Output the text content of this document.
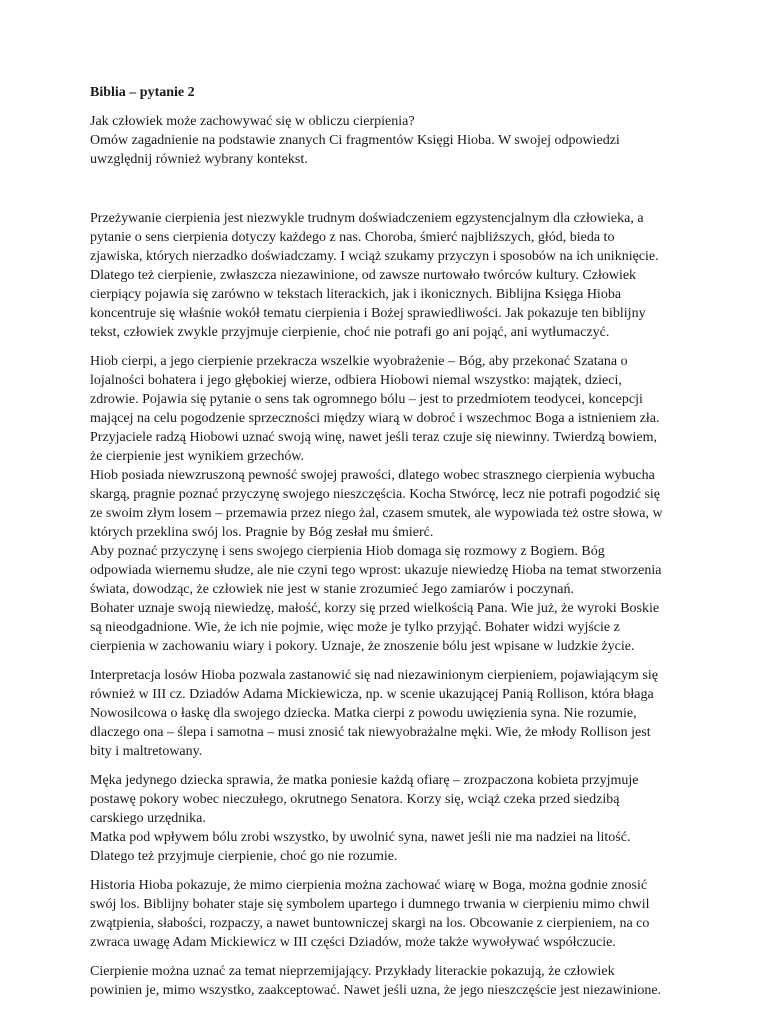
Biblia – pytanie 2
Jak człowiek może zachowywać się w obliczu cierpienia?
Omów zagadnienie na podstawie znanych Ci fragmentów Księgi Hioba. W swojej odpowiedzi
uwzględnij również wybrany kontekst.
Przeżywanie cierpienia jest niezwykle trudnym doświadczeniem egzystencjalnym dla człowieka, a
pytanie o sens cierpienia dotyczy każdego z nas. Choroba, śmierć najbliższych, głód, bieda to
zjawiska, których nierzadko doświadczamy. I wciąż szukamy przyczyn i sposobów na ich uniknięcie.
Dlatego też cierpienie, zwłaszcza niezawinione, od zawsze nurtowało twórców kultury. Człowiek
cierpiący pojawia się zarówno w tekstach literackich, jak i ikonicznych. Biblijna Księga Hioba
koncentruje się właśnie wokół tematu cierpienia i Bożej sprawiedliwości. Jak pokazuje ten biblijny
tekst, człowiek zwykle przyjmuje cierpienie, choć nie potrafi go ani pojąć, ani wytłumaczyć.
Hiob cierpi, a jego cierpienie przekracza wszelkie wyobrażenie – Bóg, aby przekonać Szatana o
lojalności bohatera i jego głębokiej wierze, odbiera Hiobowi niemal wszystko: majątek, dzieci,
zdrowie. Pojawia się pytanie o sens tak ogromnego bólu – jest to przedmiotem teodycei, koncepcji
mającej na celu pogodzenie sprzeczności między wiarą w dobroć i wszechmoc Boga a istnieniem zła.
Przyjaciele radzą Hiobowi uznać swoją winę, nawet jeśli teraz czuje się niewinny. Twierdzą bowiem,
że cierpienie jest wynikiem grzechów.
Hiob posiada niewzruszoną pewność swojej prawości, dlatego wobec strasznego cierpienia wybucha
skargą, pragnie poznać przyczynę swojego nieszczęścia. Kocha Stwórcę, lecz nie potrafi pogodzić się
ze swoim złym losem – przemawia przez niego żal, czasem smutek, ale wypowiada też ostre słowa, w
których przeklina swój los. Pragnie by Bóg zesłał mu śmierć.
Aby poznać przyczynę i sens swojego cierpienia Hiob domaga się rozmowy z Bogiem. Bóg
odpowiada wiernemu słudze, ale nie czyni tego wprost: ukazuje niewiedzę Hioba na temat stworzenia
świata, dowodząc, że człowiek nie jest w stanie zrozumieć Jego zamiarów i poczynań.
Bohater uznaje swoją niewiedzę, małość, korzy się przed wielkością Pana. Wie już, że wyroki Boskie
są nieodgadnione. Wie, że ich nie pojmie, więc może je tylko przyjąć. Bohater widzi wyjście z
cierpienia w zachowaniu wiary i pokory. Uznaje, że znoszenie bólu jest wpisane w ludzkie życie.
Interpretacja losów Hioba pozwala zastanowić się nad niezawinionym cierpieniem, pojawiającym się
również w III cz. Dziadów Adama Mickiewicza, np. w scenie ukazującej Panią Rollison, która błaga
Nowosilcowa o łaskę dla swojego dziecka. Matka cierpi z powodu uwięzienia syna. Nie rozumie,
dlaczego ona – ślepa i samotna – musi znosić tak niewyobrażalne męki. Wie, że młody Rollison jest
bity i maltretowany.
Męka jedynego dziecka sprawia, że matka poniesie każdą ofiarę – zrozpaczona kobieta przyjmuje
postawę pokory wobec nieczułego, okrutnego Senatora. Korzy się, wciąż czeka przed siedzibą
carskiego urzędnika.
Matka pod wpływem bólu zrobi wszystko, by uwolnić syna, nawet jeśli nie ma nadziei na litość.
Dlatego też przyjmuje cierpienie, choć go nie rozumie.
Historia Hioba pokazuje, że mimo cierpienia można zachować wiarę w Boga, można godnie znosić
swój los. Biblijny bohater staje się symbolem upartego i dumnego trwania w cierpieniu mimo chwil
zwątpienia, słabości, rozpaczy, a nawet buntowniczej skargi na los. Obcowanie z cierpieniem, na co
zwraca uwagę Adam Mickiewicz w III części Dziadów, może także wywoływać współczucie.
Cierpienie można uznać za temat nieprzemijający. Przykłady literackie pokazują, że człowiek
powinien je, mimo wszystko, zaakceptować. Nawet jeśli uzna, że jego nieszczęście jest niezawinione.
